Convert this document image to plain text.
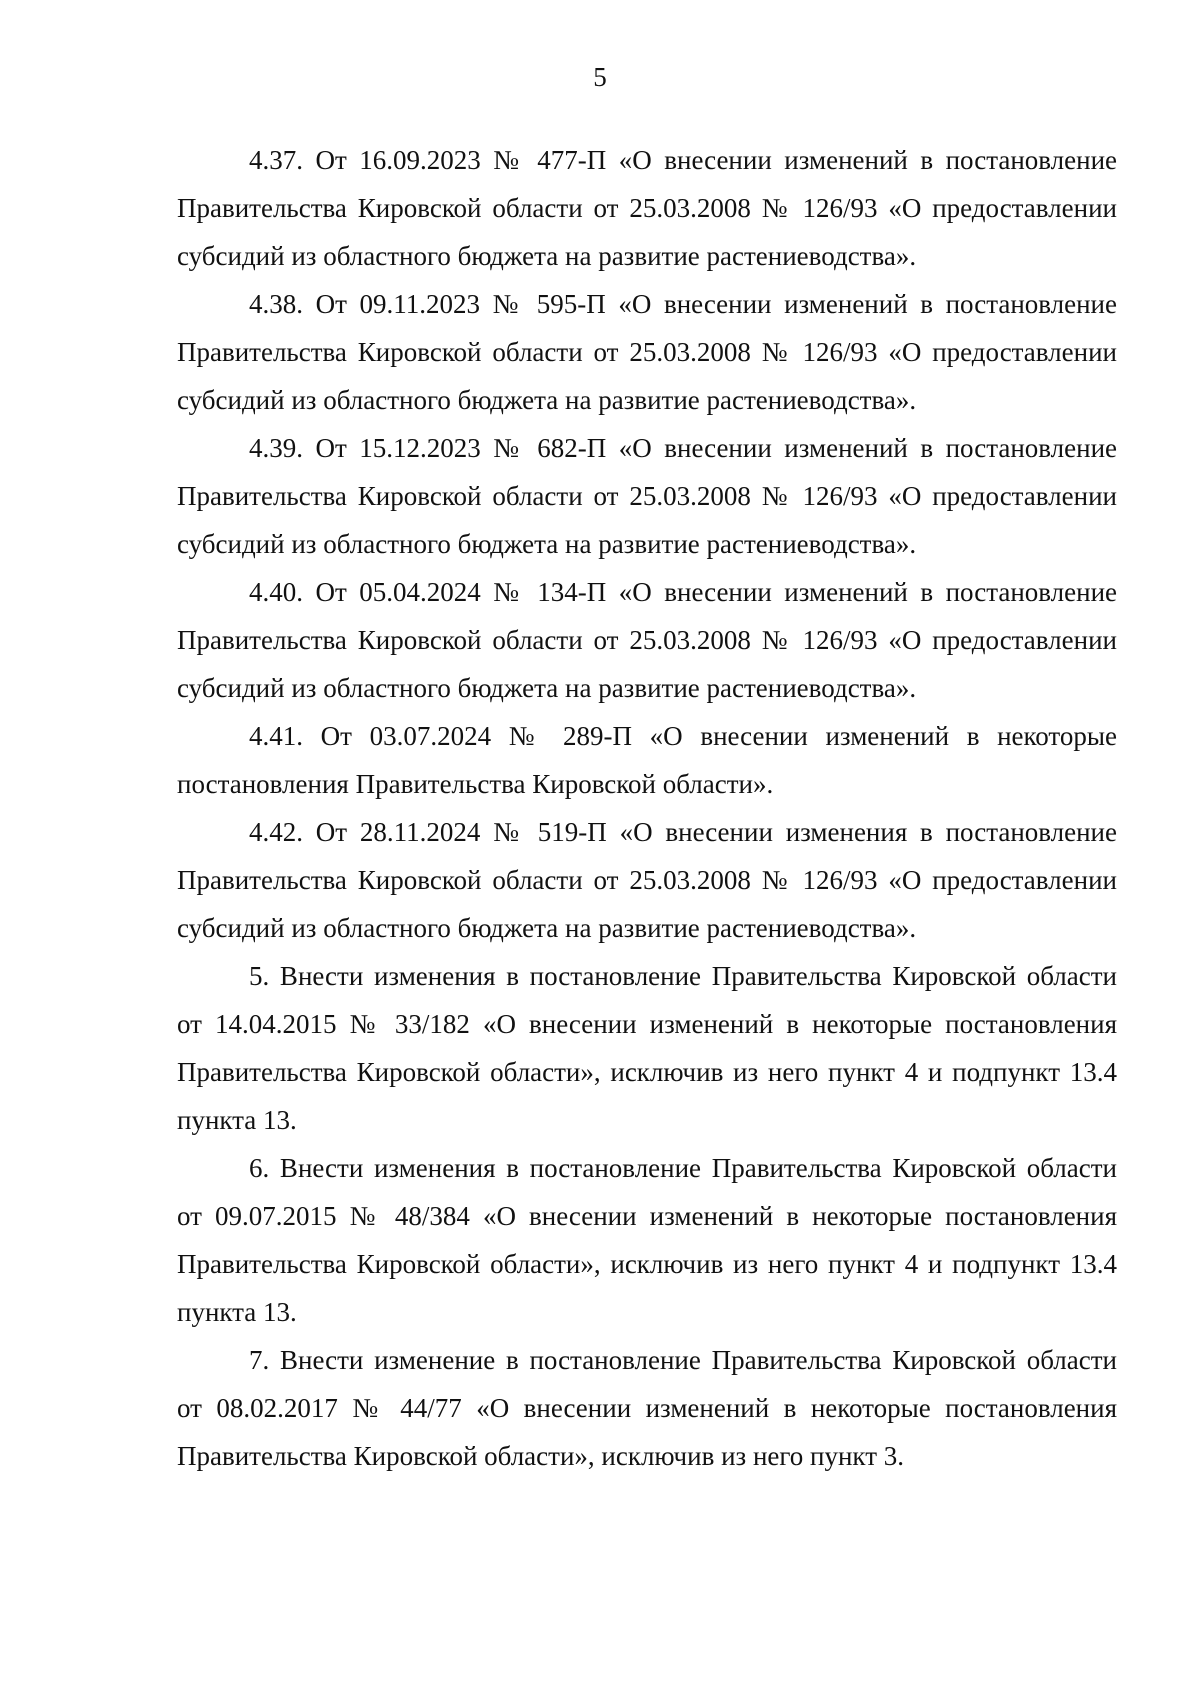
5

4.37. От 16.09.2023 № 477-П «О внесении изменений в постановление Правительства Кировской области от 25.03.2008 № 126/93 «О предоставлении субсидий из областного бюджета на развитие растениеводства».

4.38. От 09.11.2023 № 595-П «О внесении изменений в постановление Правительства Кировской области от 25.03.2008 № 126/93 «О предоставлении субсидий из областного бюджета на развитие растениеводства».

4.39. От 15.12.2023 № 682-П «О внесении изменений в постановление Правительства Кировской области от 25.03.2008 № 126/93 «О предоставлении субсидий из областного бюджета на развитие растениеводства».

4.40. От 05.04.2024 № 134-П «О внесении изменений в постановление Правительства Кировской области от 25.03.2008 № 126/93 «О предоставлении субсидий из областного бюджета на развитие растениеводства».

4.41. От 03.07.2024 № 289-П «О внесении изменений в некоторые постановления Правительства Кировской области».

4.42. От 28.11.2024 № 519-П «О внесении изменения в постановление Правительства Кировской области от 25.03.2008 № 126/93 «О предоставлении субсидий из областного бюджета на развитие растениеводства».

5. Внести изменения в постановление Правительства Кировской области от 14.04.2015 № 33/182 «О внесении изменений в некоторые постановления Правительства Кировской области», исключив из него пункт 4 и подпункт 13.4 пункта 13.

6. Внести изменения в постановление Правительства Кировской области от 09.07.2015 № 48/384 «О внесении изменений в некоторые постановления Правительства Кировской области», исключив из него пункт 4 и подпункт 13.4 пункта 13.

7. Внести изменение в постановление Правительства Кировской области от 08.02.2017 № 44/77 «О внесении изменений в некоторые постановления Правительства Кировской области», исключив из него пункт 3.
